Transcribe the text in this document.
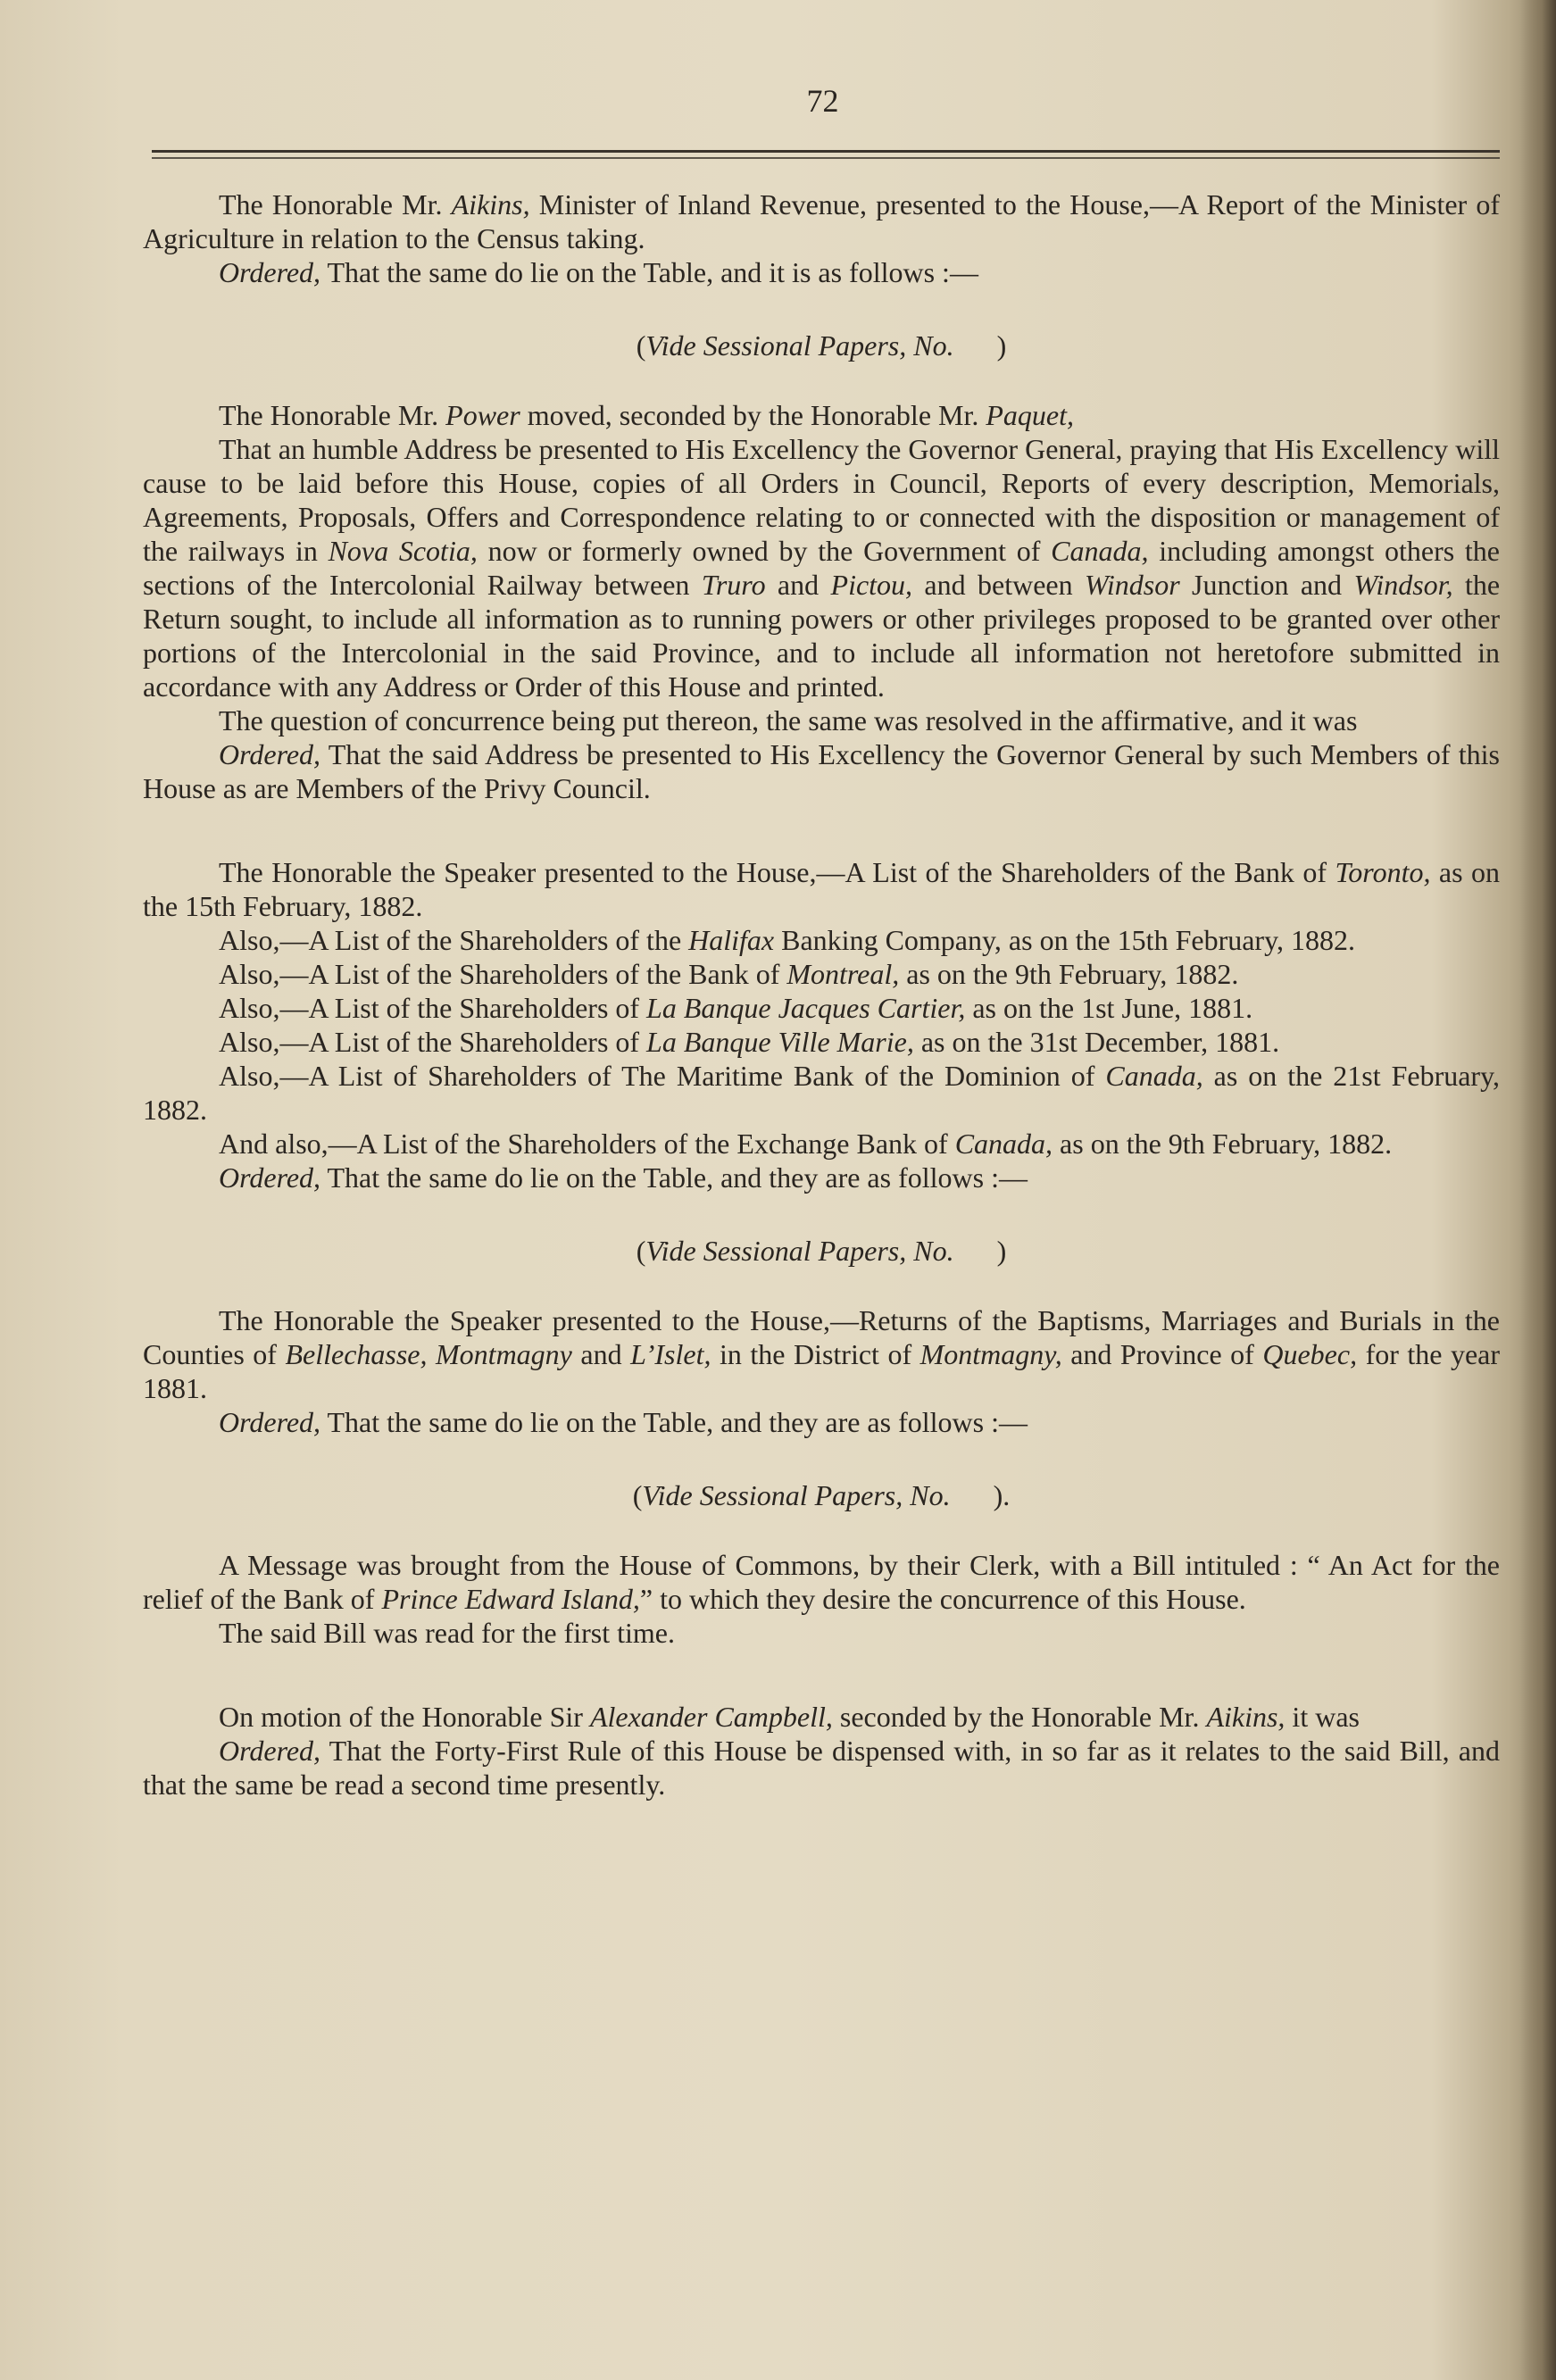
72

The Honorable Mr. Aikins, Minister of Inland Revenue, presented to the House,—A Report of the Minister of Agriculture in relation to the Census taking.

Ordered, That the same do lie on the Table, and it is as follows :—

(Vide Sessional Papers, No. )

The Honorable Mr. Power moved, seconded by the Honorable Mr. Paquet,

That an humble Address be presented to His Excellency the Governor General, praying that His Excellency will cause to be laid before this House, copies of all Orders in Council, Reports of every description, Memorials, Agreements, Proposals, Offers and Correspondence relating to or connected with the disposition or management of the railways in Nova Scotia, now or formerly owned by the Government of Canada, including amongst others the sections of the Intercolonial Railway between Truro and Pictou, and between Windsor Junction and Windsor, the Return sought, to include all information as to running powers or other privileges proposed to be granted over other portions of the Intercolonial in the said Province, and to include all information not heretofore submitted in accordance with any Address or Order of this House and printed.

The question of concurrence being put thereon, the same was resolved in the affirmative, and it was

Ordered, That the said Address be presented to His Excellency the Governor General by such Members of this House as are Members of the Privy Council.

The Honorable the Speaker presented to the House,—A List of the Shareholders of the Bank of Toronto, as on the 15th February, 1882.

Also,—A List of the Shareholders of the Halifax Banking Company, as on the 15th February, 1882.

Also,—A List of the Shareholders of the Bank of Montreal, as on the 9th February, 1882.

Also,—A List of the Shareholders of La Banque Jacques Cartier, as on the 1st June, 1881.

Also,—A List of the Shareholders of La Banque Ville Marie, as on the 31st December, 1881.

Also,—A List of Shareholders of The Maritime Bank of the Dominion of Canada, as on the 21st February, 1882.

And also,—A List of the Shareholders of the Exchange Bank of Canada, as on the 9th February, 1882.

Ordered, That the same do lie on the Table, and they are as follows :—

(Vide Sessional Papers, No. )

The Honorable the Speaker presented to the House,—Returns of the Baptisms, Marriages and Burials in the Counties of Bellechasse, Montmagny and L’Islet, in the District of Montmagny, and Province of Quebec, for the year 1881.

Ordered, That the same do lie on the Table, and they are as follows :—

(Vide Sessional Papers, No. ).

A Message was brought from the House of Commons, by their Clerk, with a Bill intituled : “ An Act for the relief of the Bank of Prince Edward Island,” to which they desire the concurrence of this House.

The said Bill was read for the first time.

On motion of the Honorable Sir Alexander Campbell, seconded by the Honorable Mr. Aikins, it was

Ordered, That the Forty-First Rule of this House be dispensed with, in so far as it relates to the said Bill, and that the same be read a second time presently.
